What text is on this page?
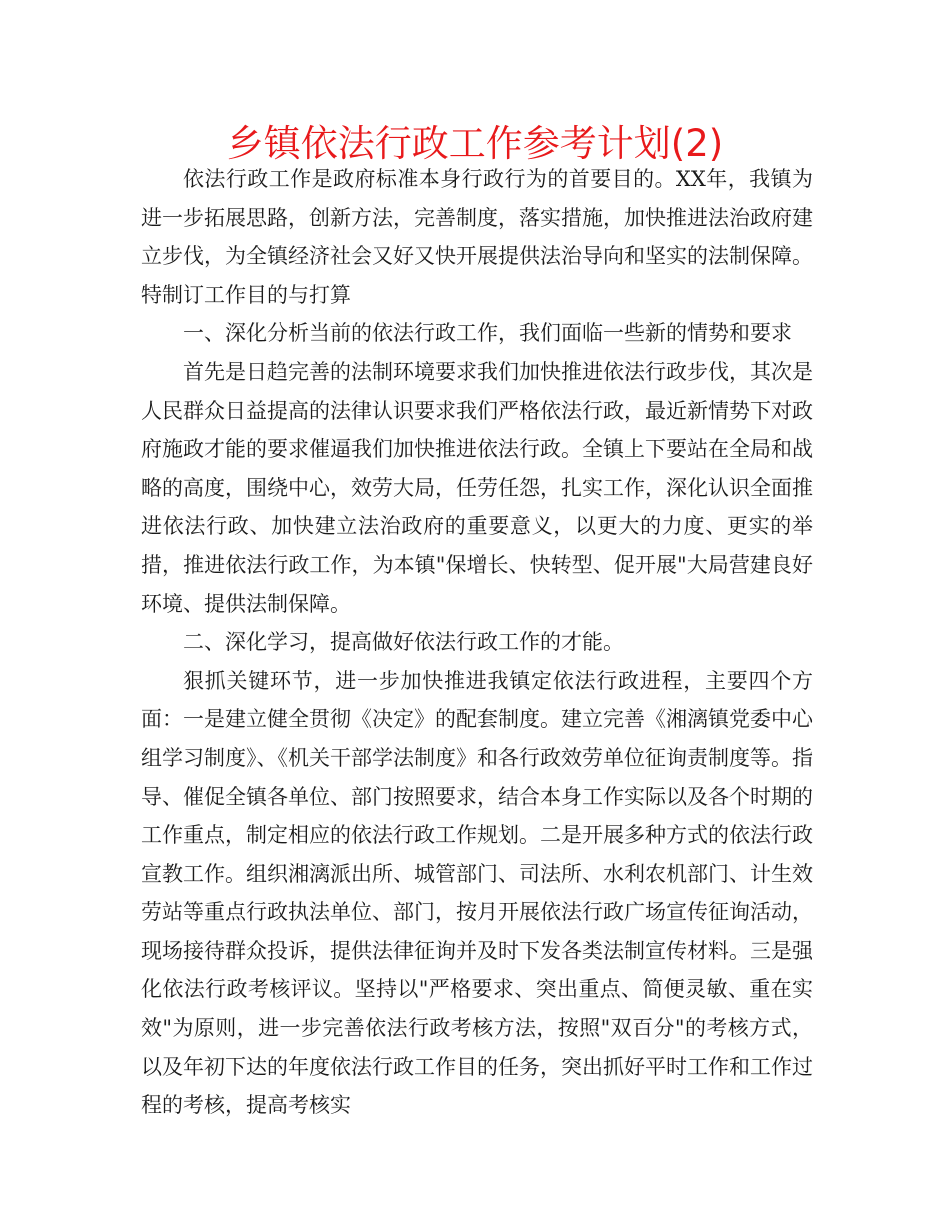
乡镇依法行政工作参考计划(2)

依法行政工作是政府标准本身行政行为的首要目的。XX年，我镇为进一步拓展思路，创新方法，完善制度，落实措施，加快推进法治政府建立步伐，为全镇经济社会又好又快开展提供法治导向和坚实的法制保障。特制订工作目的与打算

一、深化分析当前的依法行政工作，我们面临一些新的情势和要求

首先是日趋完善的法制环境要求我们加快推进依法行政步伐，其次是人民群众日益提高的法律认识要求我们严格依法行政，最近新情势下对政府施政才能的要求催逼我们加快推进依法行政。全镇上下要站在全局和战略的高度，围绕中心，效劳大局，任劳任怨，扎实工作，深化认识全面推进依法行政、加快建立法治政府的重要意义，以更大的力度、更实的举措，推进依法行政工作，为本镇"保增长、快转型、促开展"大局营建良好环境、提供法制保障。

二、深化学习，提高做好依法行政工作的才能。

狠抓关键环节，进一步加快推进我镇定依法行政进程，主要四个方面：一是建立健全贯彻《决定》的配套制度。建立完善《湘漓镇党委中心组学习制度》、《机关干部学法制度》和各行政效劳单位征询责制度等。指导、催促全镇各单位、部门按照要求，结合本身工作实际以及各个时期的工作重点，制定相应的依法行政工作规划。二是开展多种方式的依法行政宣教工作。组织湘漓派出所、城管部门、司法所、水利农机部门、计生效劳站等重点行政执法单位、部门，按月开展依法行政广场宣传征询活动，现场接待群众投诉，提供法律征询并及时下发各类法制宣传材料。三是强化依法行政考核评议。坚持以"严格要求、突出重点、简便灵敏、重在实效"为原则，进一步完善依法行政考核方法，按照"双百分"的考核方式，以及年初下达的年度依法行政工作目的任务，突出抓好平时工作和工作过程的考核，提高考核实
